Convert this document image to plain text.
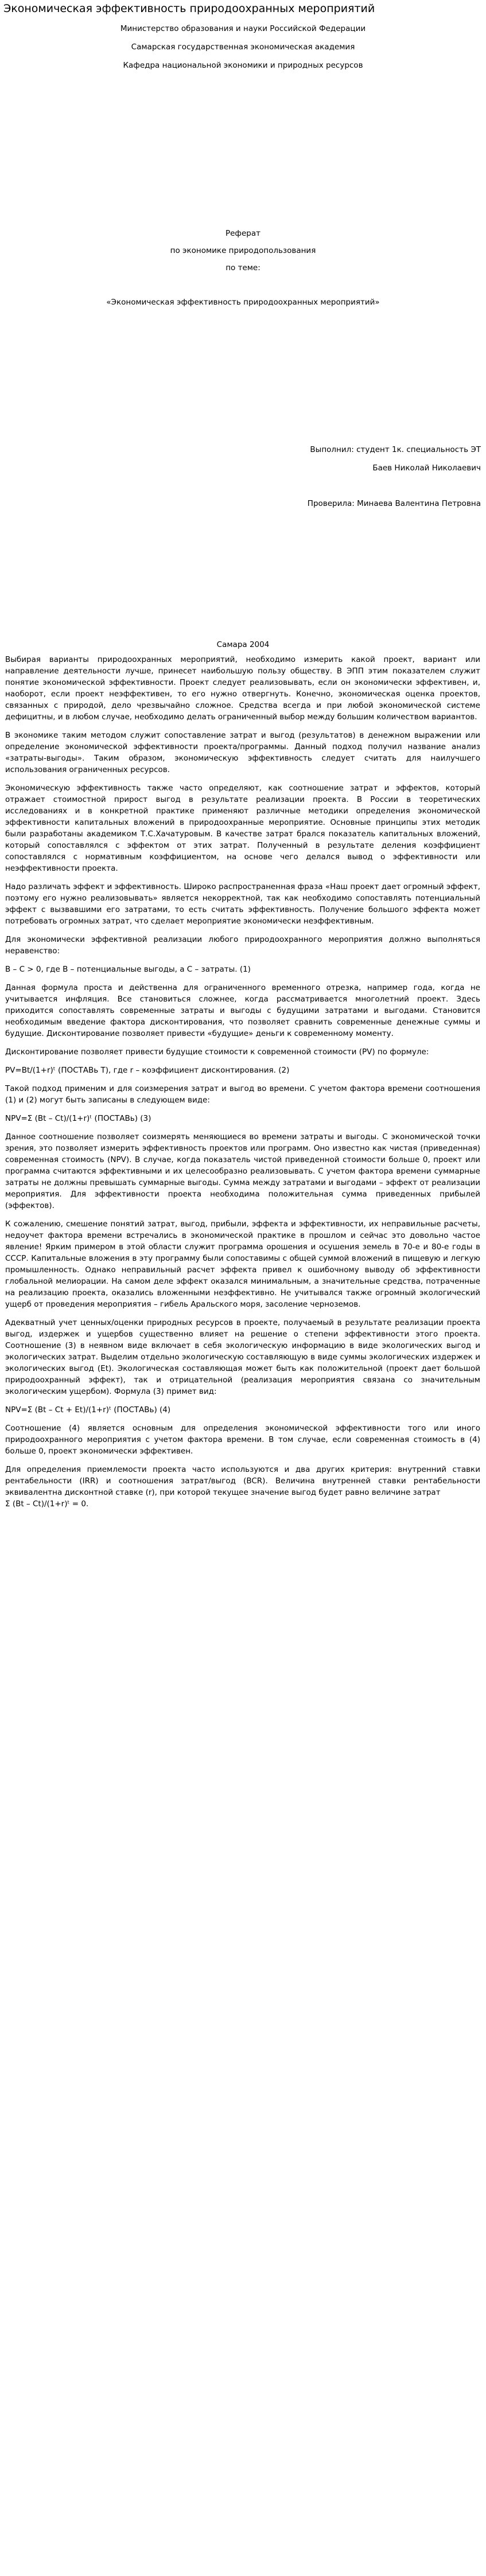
Экономическая эффективность природоохранных мероприятий

Министерство образования и науки Российской Федерации

Самарская государственная экономическая академия

Кафедра национальной экономики и природных ресурсов

Реферат

по экономике природопользования

по теме:

«Экономическая эффективность природоохранных мероприятий»

Выполнил: студент 1к. специальность ЭТ

Баев Николай Николаевич

Проверила: Минаева Валентина Петровна

Самара 2004

Выбирая варианты природоохранных мероприятий, необходимо измерить какой проект, вариант или направление деятельности лучше, принесет наибольшую пользу обществу. В ЭПП этим показателем служит понятие экономической эффективности. Проект следует реализовывать, если он экономически эффективен, и, наоборот, если проект неэффективен, то его нужно отвергнуть. Конечно, экономическая оценка проектов, связанных с природой, дело чрезвычайно сложное. Средства всегда и при любой экономической системе дефицитны, и в любом случае, необходимо делать ограниченный выбор между большим количеством вариантов.

В экономике таким методом служит сопоставление затрат и выгод (результатов) в денежном выражении или определение экономической эффективности проекта/программы. Данный подход получил название анализ «затраты-выгоды». Таким образом, экономическую эффективность следует считать для наилучшего использования ограниченных ресурсов.

Экономическую эффективность также часто определяют, как соотношение затрат и эффектов, который отражает стоимостной прирост выгод в результате реализации проекта. В России в теоретических исследованиях и в конкретной практике применяют различные методики определения экономической эффективности капитальных вложений в природоохранные мероприятие. Основные принципы этих методик были разработаны академиком Т.С.Хачатуровым. В качестве затрат брался показатель капитальных вложений, который сопоставлялся с эффектом от этих затрат. Полученный в результате деления коэффициент сопоставлялся с нормативным коэффициентом, на основе чего делался вывод о эффективности или неэффективности проекта.

Надо различать эффект и эффективность. Широко распространенная фраза «Наш проект дает огромный эффект, поэтому его нужно реализовывать» является некорректной, так как необходимо сопоставлять потенциальный эффект с вызвавшими его затратами, то есть считать эффективность. Получение большого эффекта может потребовать огромных затрат, что сделает мероприятие экономически неэффективным.

Для экономически эффективной реализации любого природоохранного мероприятия должно выполняться неравенство:

B – C > 0, где B – потенциальные выгоды, а C – затраты. (1)

Данная формула проста и действенна для ограниченного временного отрезка, например года, когда не учитывается инфляция. Все становиться сложнее, когда рассматривается многолетний проект. Здесь приходится сопоставлять современные затраты и выгоды с будущими затратами и выгодами. Становится необходимым введение фактора дисконтирования, что позволяет сравнить современные денежные суммы и будущие. Дисконтирование позволяет привести «будущие» деньги к современному моменту.

Дисконтирование позволяет привести будущие стоимости к современной стоимости (PV) по формуле:

PV=Bt/(1+r)ᵗ (ПОСТАВь T), где r – коэффициент дисконтирования. (2)

Такой подход применим и для соизмерения затрат и выгод во времени. С учетом фактора времени соотношения (1) и (2) могут быть записаны в следующем виде:

NPV=Σ (Bt – Ct)/(1+r)ᵗ (ПОСТАВь) (3)

Данное соотношение позволяет соизмерять меняющиеся во времени затраты и выгоды. С экономической точки зрения, это позволяет измерить эффективность проектов или программ. Оно известно как чистая (приведенная) современная стоимость (NPV). В случае, когда показатель чистой приведенной стоимости больше 0, проект или программа считаются эффективными и их целесообразно реализовывать. С учетом фактора времени суммарные затраты не должны превышать суммарные выгоды. Сумма между затратами и выгодами – эффект от реализации мероприятия. Для эффективности проекта необходима положительная сумма приведенных прибылей (эффектов).

К сожалению, смешение понятий затрат, выгод, прибыли, эффекта и эффективности, их неправильные расчеты, недоучет фактора времени встречались в экономической практике в прошлом и сейчас это довольно частое явление! Ярким примером в этой области служит программа орошения и осушения земель в 70-е и 80-е годы в СССР. Капитальные вложения в эту программу были сопоставимы с общей суммой вложений в пищевую и легкую промышленность. Однако неправильный расчет эффекта привел к ошибочному выводу об эффективности глобальной мелиорации. На самом деле эффект оказался минимальным, а значительные средства, потраченные на реализацию проекта, оказались вложенными неэффективно. Не учитывался также огромный экологический ущерб от проведения мероприятия – гибель Аральского моря, засоление черноземов.

Адекватный учет ценных/оценки природных ресурсов в проекте, получаемый в результате реализации проекта выгод, издержек и ущербов существенно влияет на решение о степени эффективности этого проекта. Соотношение (3) в неявном виде включает в себя экологическую информацию в виде экологических выгод и экологических затрат. Выделим отдельно экологическую составляющую в виде суммы экологических издержек и экологических выгод (Et). Экологическая составляющая может быть как положительной (проект дает большой природоохранный эффект), так и отрицательной (реализация мероприятия связана со значительным экологическим ущербом). Формула (3) примет вид:

NPV=Σ (Bt – Ct + Et)/(1+r)ᵗ (ПОСТАВь) (4)

Соотношение (4) является основным для определения экономической эффективности того или иного природоохранного мероприятия с учетом фактора времени. В том случае, если современная стоимость в (4) больше 0, проект экономически эффективен.

Для определения приемлемости проекта часто используются и два других критерия: внутренний ставки рентабельности (IRR) и соотношения затрат/выгод (BCR). Величина внутренней ставки рентабельности эквивалентна дисконтной ставке (r), при которой текущее значение выгод будет равно величине затрат

Σ (Bt – Ct)/(1+r)ᵗ = 0.
